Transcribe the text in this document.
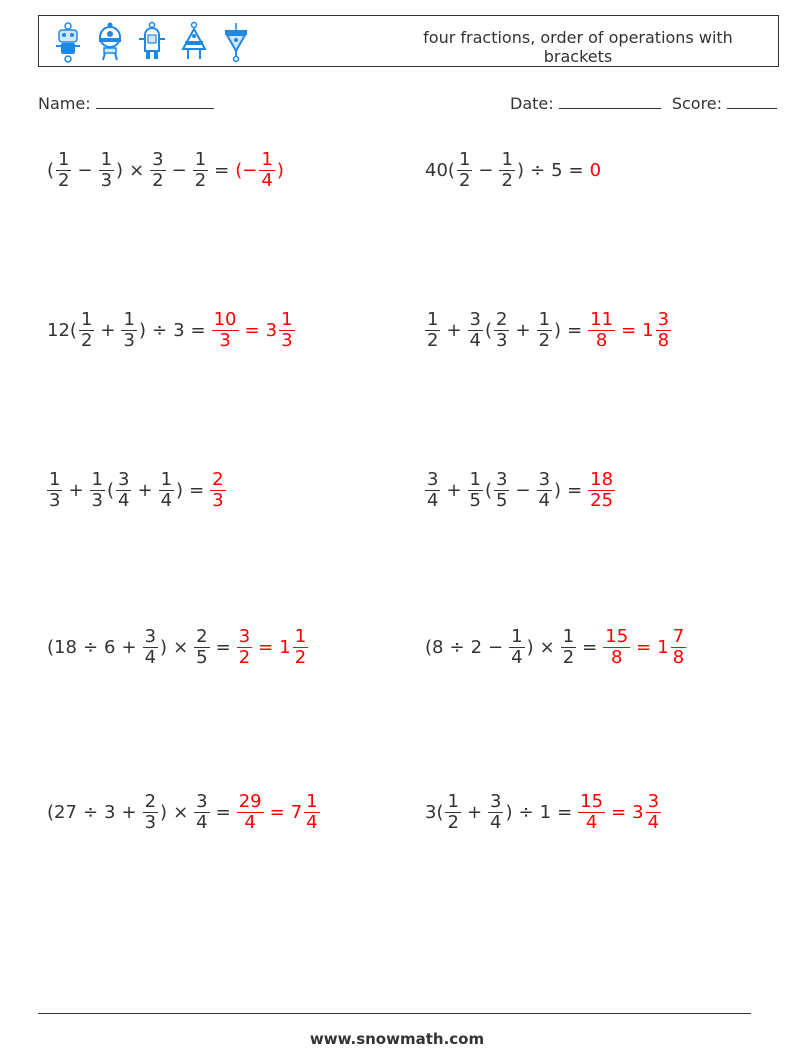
four fractions, order of operations with brackets
Name:	Date:	Score:
( $\frac{1}{2} - \frac{1}{3}$ ) × $\frac{3}{2} - \frac{1}{2}$ = (− $\frac{1}{4}$ )	$40( \frac{1}{2} - \frac{1}{2}$ ) ÷ 5 = 0
$12( \frac{1}{2} + \frac{1}{3}$ ) ÷ $3 = \frac{10}{3} = 3 \frac{1}{3}$	$\frac{1}{2} + \frac{3}{4}$ ( $\frac{2}{3} + \frac{1}{2}$ ) = $\frac{11}{8} = 1 \frac{3}{8}$
$\frac{1}{3} + \frac{1}{3}$ ( $\frac{3}{4} + \frac{1}{4}$ ) = $\frac{2}{3}$	$\frac{3}{4} + \frac{1}{5}$ ( $\frac{3}{5} - \frac{3}{4}$ ) = $\frac{18}{25}$
($18 \div 6 + \frac{3}{4}$ ) × $\frac{2}{5} = \frac{3}{2} = 1 \frac{1}{2}$	($8 \div 2 - \frac{1}{4}$ ) × $\frac{1}{2} = \frac{15}{8} = 1 \frac{7}{8}$
($27 \div 3 + \frac{2}{3}$ ) × $\frac{3}{4} = \frac{29}{4} = 7 \frac{1}{4}$	$3( \frac{1}{2} + \frac{3}{4}$ ) ÷ $1 = \frac{15}{4} = 3 \frac{3}{4}$
www.snowmath.com
